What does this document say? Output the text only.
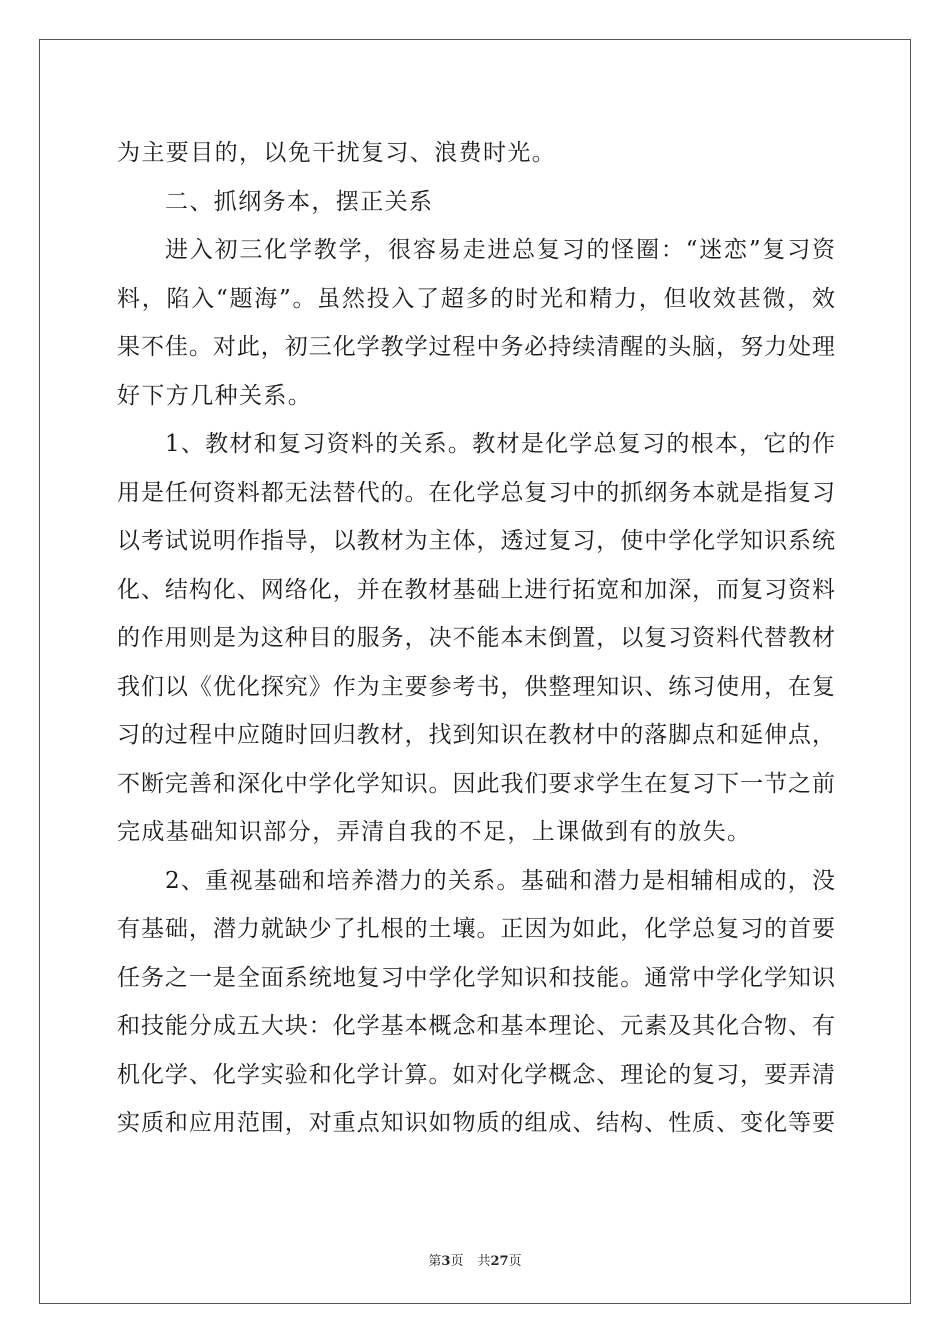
为主要目的，以免干扰复习、浪费时光。
二、抓纲务本，摆正关系
进入初三化学教学，很容易走进总复习的怪圈：“迷恋”复习资
料，陷入“题海”。虽然投入了超多的时光和精力，但收效甚微，效
果不佳。对此，初三化学教学过程中务必持续清醒的头脑，努力处理
好下方几种关系。
1、教材和复习资料的关系。教材是化学总复习的根本，它的作
用是任何资料都无法替代的。在化学总复习中的抓纲务本就是指复习
以考试说明作指导，以教材为主体，透过复习，使中学化学知识系统
化、结构化、网络化，并在教材基础上进行拓宽和加深，而复习资料
的作用则是为这种目的服务，决不能本末倒置，以复习资料代替教材
我们以《优化探究》作为主要参考书，供整理知识、练习使用，在复
习的过程中应随时回归教材，找到知识在教材中的落脚点和延伸点，
不断完善和深化中学化学知识。因此我们要求学生在复习下一节之前
完成基础知识部分，弄清自我的不足，上课做到有的放失。
2、重视基础和培养潜力的关系。基础和潜力是相辅相成的，没
有基础，潜力就缺少了扎根的土壤。正因为如此，化学总复习的首要
任务之一是全面系统地复习中学化学知识和技能。通常中学化学知识
和技能分成五大块：化学基本概念和基本理论、元素及其化合物、有
机化学、化学实验和化学计算。如对化学概念、理论的复习，要弄清
实质和应用范围，对重点知识如物质的组成、结构、性质、变化等要
第3页 共27页
